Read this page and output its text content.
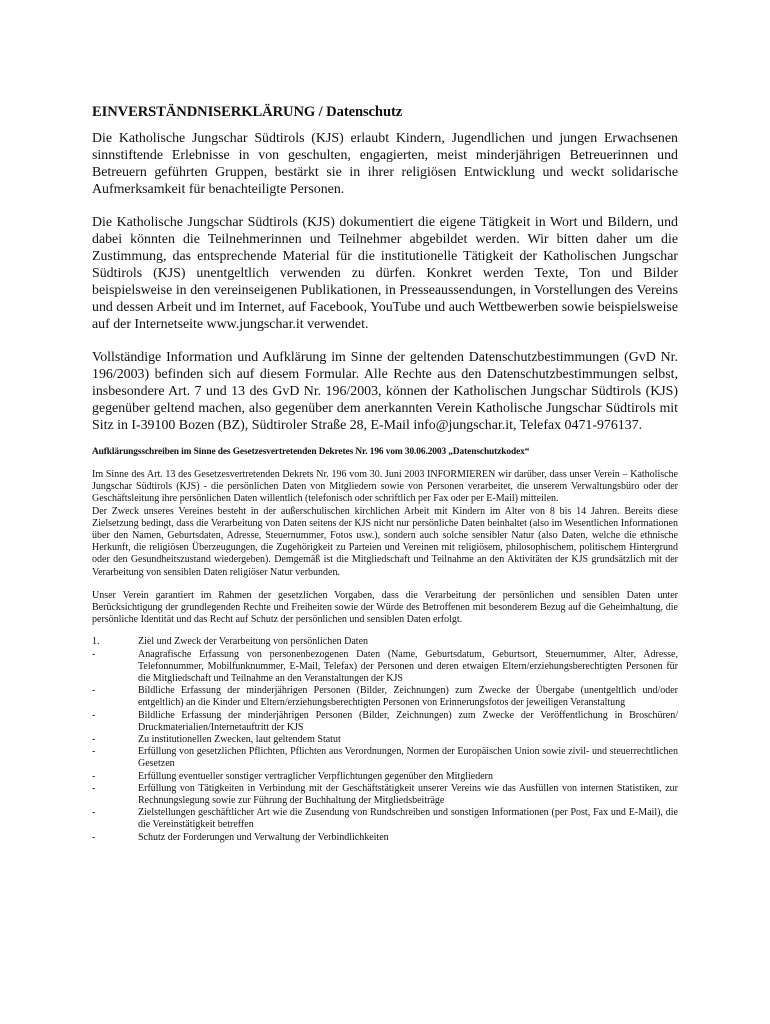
EINVERSTÄNDNISERKLÄRUNG / Datenschutz

Die Katholische Jungschar Südtirols (KJS) erlaubt Kindern, Jugendlichen und jungen Erwachsenen sinnstiftende Erlebnisse in von geschulten, engagierten, meist minderjährigen Betreuerinnen und Betreuern geführten Gruppen, bestärkt sie in ihrer religiösen Entwicklung und weckt solidarische Aufmerksamkeit für benachteiligte Personen.

Die Katholische Jungschar Südtirols (KJS) dokumentiert die eigene Tätigkeit in Wort und Bildern, und dabei könnten die Teilnehmerinnen und Teilnehmer abgebildet werden. Wir bitten daher um die Zustimmung, das entsprechende Material für die institutionelle Tätigkeit der Katholischen Jungschar Südtirols (KJS) unentgeltlich verwenden zu dürfen. Konkret werden Texte, Ton und Bilder beispielsweise in den vereinseigenen Publikationen, in Presseaussendungen, in Vorstellungen des Vereins und dessen Arbeit und im Internet, auf Facebook, YouTube und auch Wettbewerben sowie beispielsweise auf der Internetseite www.jungschar.it verwendet.

Vollständige Information und Aufklärung im Sinne der geltenden Datenschutzbestimmungen (GvD Nr. 196/2003) befinden sich auf diesem Formular. Alle Rechte aus den Datenschutzbestimmungen selbst, insbesondere Art. 7 und 13 des GvD Nr. 196/2003, können der Katholischen Jungschar Südtirols (KJS) gegenüber geltend machen, also gegenüber dem anerkannten Verein Katholische Jungschar Südtirols mit Sitz in I-39100 Bozen (BZ), Südtiroler Straße 28, E-Mail info@jungschar.it, Telefax 0471-976137.

Aufklärungsschreiben im Sinne des Gesetzesvertretenden Dekretes Nr. 196 vom 30.06.2003 „Datenschutzkodex“

Im Sinne des Art. 13 des Gesetzesvertretenden Dekrets Nr. 196 vom 30. Juni 2003 INFORMIEREN wir darüber, dass unser Verein – Katholische Jungschar Südtirols (KJS) - die persönlichen Daten von Mitgliedern sowie von Personen verarbeitet, die unserem Verwaltungsbüro oder der Geschäftsleitung ihre persönlichen Daten willentlich (telefonisch oder schriftlich per Fax oder per E-Mail) mitteilen.

Der Zweck unseres Vereines besteht in der außerschulischen kirchlichen Arbeit mit Kindern im Alter von 8 bis 14 Jahren. Bereits diese Zielsetzung bedingt, dass die Verarbeitung von Daten seitens der KJS nicht nur persönliche Daten beinhaltet (also im Wesentlichen Informationen über den Namen, Geburtsdaten, Adresse, Steuernummer, Fotos usw.), sondern auch solche sensibler Natur (also Daten, welche die ethnische Herkunft, die religiösen Überzeugungen, die Zugehörigkeit zu Parteien und Vereinen mit religiösem, philosophischem, politischem Hintergrund oder den Gesundheitszustand wiedergeben). Demgemäß ist die Mitgliedschaft und Teilnahme an den Aktivitäten der KJS grundsätzlich mit der Verarbeitung von sensiblen Daten religiöser Natur verbunden.

Unser Verein garantiert im Rahmen der gesetzlichen Vorgaben, dass die Verarbeitung der persönlichen und sensiblen Daten unter Berücksichtigung der grundlegenden Rechte und Freiheiten sowie der Würde des Betroffenen mit besonderem Bezug auf die Geheimhaltung, die persönliche Identität und das Recht auf Schutz der persönlichen und sensiblen Daten erfolgt.

1.	Ziel und Zweck der Verarbeitung von persönlichen Daten
-	Anagrafische Erfassung von personenbezogenen Daten (Name, Geburtsdatum, Geburtsort, Steuernummer, Alter, Adresse, Telefonnummer, Mobilfunknummer, E-Mail, Telefax) der Personen und deren etwaigen Eltern/erziehungsberechtigten Personen für die Mitgliedschaft und Teilnahme an den Veranstaltungen der KJS
-	Bildliche Erfassung der minderjährigen Personen (Bilder, Zeichnungen) zum Zwecke der Übergabe (unentgeltlich und/oder entgeltlich) an die Kinder und Eltern/erziehungsberechtigten Personen von Erinnerungsfotos der jeweiligen Veranstaltung
-	Bildliche Erfassung der minderjährigen Personen (Bilder, Zeichnungen) zum Zwecke der Veröffentlichung in Broschüren/ Druckmaterialien/Internetauftritt der KJS
-	Zu institutionellen Zwecken, laut geltendem Statut
-	Erfüllung von gesetzlichen Pflichten, Pflichten aus Verordnungen, Normen der Europäischen Union sowie zivil- und steuerrechtlichen Gesetzen
-	Erfüllung eventueller sonstiger vertraglicher Verpflichtungen gegenüber den Mitgliedern
-	Erfüllung von Tätigkeiten in Verbindung mit der Geschäftstätigkeit unserer Vereins wie das Ausfüllen von internen Statistiken, zur Rechnungslegung sowie zur Führung der Buchhaltung der Mitgliedsbeiträge
-	Zielstellungen geschäftlicher Art wie die Zusendung von Rundschreiben und sonstigen Informationen (per Post, Fax und E-Mail), die die Vereinstätigkeit betreffen
-	Schutz der Forderungen und Verwaltung der Verbindlichkeiten
